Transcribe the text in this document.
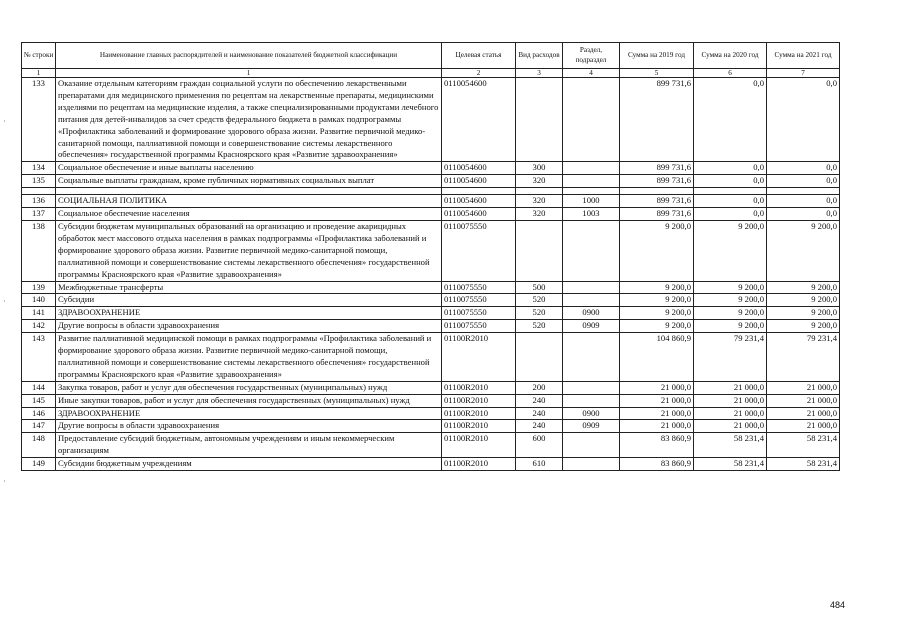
№ строки	Наименование главных распорядителей и наименование показателей бюджетной классификации	Целевая статья	Вид расходов	Раздел, подраздел	Сумма на 2019 год	Сумма на 2020 год	Сумма на 2021 год
1	1	2	3	4	5	6	7
133	Оказание отдельным категориям граждан социальной услуги по обеспечению лекарственными препаратами для медицинского применения по рецептам на лекарственные препараты, медицинскими изделиями по рецептам на медицинские изделия, а также специализированными продуктами лечебного питания для детей-инвалидов за счет средств федерального бюджета в рамках подпрограммы «Профилактика заболеваний и формирование здорового образа жизни. Развитие первичной медико-санитарной помощи, паллиативной помощи и совершенствование системы лекарственного обеспечения» государственной программы Красноярского края «Развитие здравоохранения»	0110054600			899 731,6	0,0	0,0
134	Социальное обеспечение и иные выплаты населению	0110054600	300		899 731,6	0,0	0,0
135	Социальные выплаты гражданам, кроме публичных нормативных социальных выплат	0110054600	320		899 731,6	0,0	0,0

136	СОЦИАЛЬНАЯ ПОЛИТИКА	0110054600	320	1000	899 731,6	0,0	0,0
137	Социальное обеспечение населения	0110054600	320	1003	899 731,6	0,0	0,0
138	Субсидии бюджетам муниципальных образований на организацию и проведение акарицидных обработок мест массового отдыха населения в рамках подпрограммы «Профилактика заболеваний и формирование здорового образа жизни. Развитие первичной медико-санитарной помощи, паллиативной помощи и совершенствование системы лекарственного обеспечения» государственной программы Красноярского края «Развитие здравоохранения»	0110075550			9 200,0	9 200,0	9 200,0
139	Межбюджетные трансферты	0110075550	500		9 200,0	9 200,0	9 200,0
140	Субсидии	0110075550	520		9 200,0	9 200,0	9 200,0
141	ЗДРАВООХРАНЕНИЕ	0110075550	520	0900	9 200,0	9 200,0	9 200,0
142	Другие вопросы в области здравоохранения	0110075550	520	0909	9 200,0	9 200,0	9 200,0
143	Развитие паллиативной медицинской помощи в рамках подпрограммы «Профилактика заболеваний и формирование здорового образа жизни. Развитие первичной медико-санитарной помощи, паллиативной помощи и совершенствование системы лекарственного обеспечения» государственной программы Красноярского края «Развитие здравоохранения»	01100R2010			104 860,9	79 231,4	79 231,4
144	Закупка товаров, работ и услуг для обеспечения государственных (муниципальных) нужд	01100R2010	200		21 000,0	21 000,0	21 000,0
145	Иные закупки товаров, работ и услуг для обеспечения государственных (муниципальных) нужд	01100R2010	240		21 000,0	21 000,0	21 000,0
146	ЗДРАВООХРАНЕНИЕ	01100R2010	240	0900	21 000,0	21 000,0	21 000,0
147	Другие вопросы в области здравоохранения	01100R2010	240	0909	21 000,0	21 000,0	21 000,0
148	Предоставление субсидий бюджетным, автономным учреждениям и иным некоммерческим организациям	01100R2010	600		83 860,9	58 231,4	58 231,4
149	Субсидии бюджетным учреждениям	01100R2010	610		83 860,9	58 231,4	58 231,4
484
